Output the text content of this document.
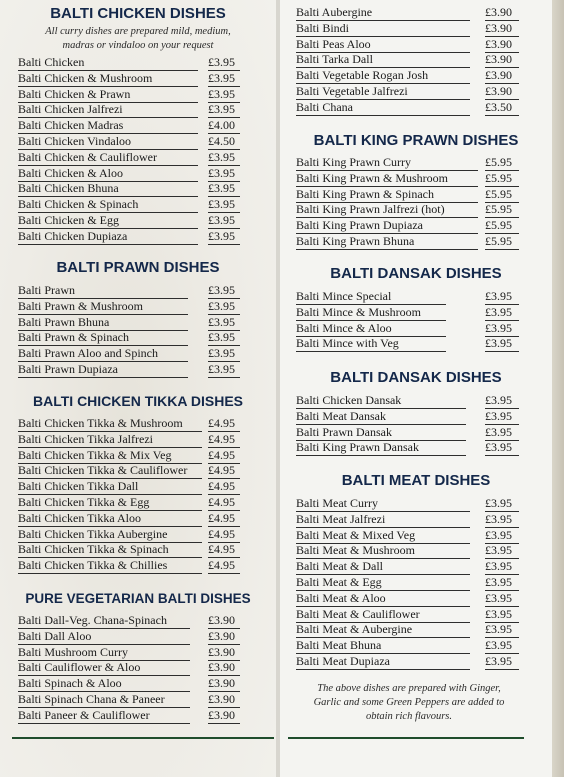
BALTI CHICKEN DISHES
All curry dishes are prepared mild, medium, madras or vindaloo on your request
Balti Chicken	£3.95
Balti Chicken & Mushroom	£3.95
Balti Chicken & Prawn	£3.95
Balti Chicken Jalfrezi	£3.95
Balti Chicken Madras	£4.00
Balti Chicken Vindaloo	£4.50
Balti Chicken & Cauliflower	£3.95
Balti Chicken & Aloo	£3.95
Balti Chicken Bhuna	£3.95
Balti Chicken & Spinach	£3.95
Balti Chicken & Egg	£3.95
Balti Chicken Dupiaza	£3.95
BALTI PRAWN DISHES
Balti Prawn	£3.95
Balti Prawn & Mushroom	£3.95
Balti Prawn Bhuna	£3.95
Balti Prawn & Spinach	£3.95
Balti Prawn Aloo and Spinch	£3.95
Balti Prawn Dupiaza	£3.95
BALTI CHICKEN TIKKA DISHES
Balti Chicken Tikka & Mushroom	£4.95
Balti Chicken Tikka Jalfrezi	£4.95
Balti Chicken Tikka & Mix Veg	£4.95
Balti Chicken Tikka & Cauliflower	£4.95
Balti Chicken Tikka Dall	£4.95
Balti Chicken Tikka & Egg	£4.95
Balti Chicken Tikka Aloo	£4.95
Balti Chicken Tikka Aubergine	£4.95
Balti Chicken Tikka & Spinach	£4.95
Balti Chicken Tikka & Chillies	£4.95
PURE VEGETARIAN BALTI DISHES
Balti Dall-Veg. Chana-Spinach	£3.90
Balti Dall Aloo	£3.90
Balti Mushroom Curry	£3.90
Balti Cauliflower & Aloo	£3.90
Balti Spinach & Aloo	£3.90
Balti Spinach Chana & Paneer	£3.90
Balti Paneer & Cauliflower	£3.90
Balti Aubergine	£3.90
Balti Bindi	£3.90
Balti Peas Aloo	£3.90
Balti Tarka Dall	£3.90
Balti Vegetable Rogan Josh	£3.90
Balti Vegetable Jalfrezi	£3.90
Balti Chana	£3.50
BALTI KING PRAWN DISHES
Balti King Prawn Curry	£5.95
Balti King Prawn & Mushroom	£5.95
Balti King Prawn & Spinach	£5.95
Balti King Prawn Jalfrezi (hot)	£5.95
Balti King Prawn Dupiaza	£5.95
Balti King Prawn Bhuna	£5.95
BALTI DANSAK DISHES
Balti Mince Special	£3.95
Balti Mince & Mushroom	£3.95
Balti Mince & Aloo	£3.95
Balti Mince with Veg	£3.95
BALTI DANSAK DISHES
Balti Chicken Dansak	£3.95
Balti Meat Dansak	£3.95
Balti Prawn Dansak	£3.95
Balti King Prawn Dansak	£3.95
BALTI MEAT DISHES
Balti Meat Curry	£3.95
Balti Meat Jalfrezi	£3.95
Balti Meat & Mixed Veg	£3.95
Balti Meat & Mushroom	£3.95
Balti Meat & Dall	£3.95
Balti Meat & Egg	£3.95
Balti Meat & Aloo	£3.95
Balti Meat & Cauliflower	£3.95
Balti Meat & Aubergine	£3.95
Balti Meat Bhuna	£3.95
Balti Meat Dupiaza	£3.95
The above dishes are prepared with Ginger, Garlic and some Green Peppers are added to obtain rich flavours.
